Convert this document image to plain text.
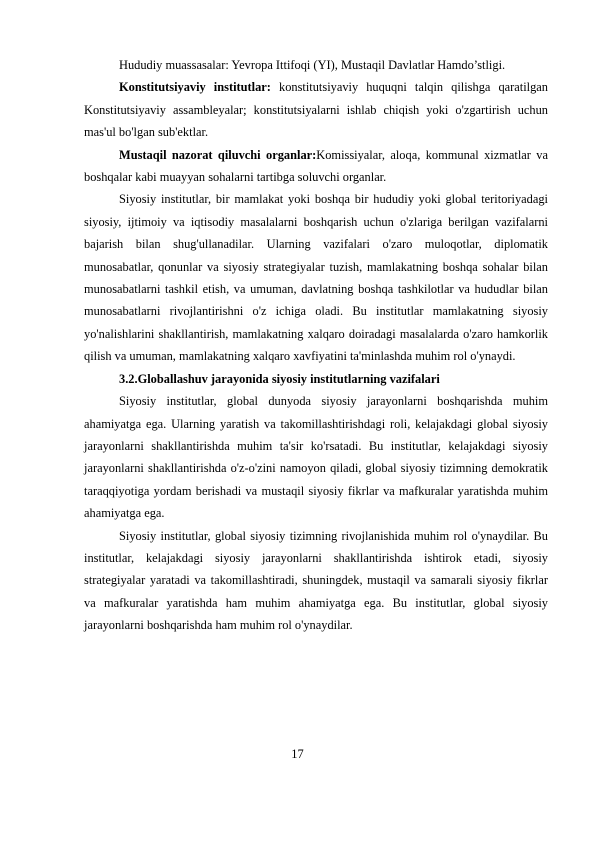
Hududiy muassasalar: Yevropa Ittifoqi (YI), Mustaqil Davlatlar Hamdo’stligi.

Konstitutsiyaviy institutlar: konstitutsiyaviy huquqni talqin qilishga qaratilgan Konstitutsiyaviy assambleyalar; konstitutsiyalarni ishlab chiqish yoki o'zgartirish uchun mas'ul bo'lgan sub'ektlar.

Mustaqil nazorat qiluvchi organlar:Komissiyalar, aloqa, kommunal xizmatlar va boshqalar kabi muayyan sohalarni tartibga soluvchi organlar.

Siyosiy institutlar, bir mamlakat yoki boshqa bir hududiy yoki global teritoriyadagi siyosiy, ijtimoiy va iqtisodiy masalalarni boshqarish uchun o'zlariga berilgan vazifalarni bajarish bilan shug'ullanadilar. Ularning vazifalari o'zaro muloqotlar, diplomatik munosabatlar, qonunlar va siyosiy strategiyalar tuzish, mamlakatning boshqa sohalar bilan munosabatlarni tashkil etish, va umuman, davlatning boshqa tashkilotlar va hududlar bilan munosabatlarni rivojlantirishni o'z ichiga oladi. Bu institutlar mamlakatning siyosiy yo'nalishlarini shakllantirish, mamlakatning xalqaro doiradagi masalalarda o'zaro hamkorlik qilish va umuman, mamlakatning xalqaro xavfiyatini ta'minlashda muhim rol o'ynaydi.

3.2.Globallashuv jarayonida siyosiy institutlarning vazifalari

Siyosiy institutlar, global dunyoda siyosiy jarayonlarni boshqarishda muhim ahamiyatga ega. Ularning yaratish va takomillashtirishdagi roli, kelajakdagi global siyosiy jarayonlarni shakllantirishda muhim ta'sir ko'rsatadi. Bu institutlar, kelajakdagi siyosiy jarayonlarni shakllantirishda o'z-o'zini namoyon qiladi, global siyosiy tizimning demokratik taraqqiyotiga yordam berishadi va mustaqil siyosiy fikrlar va mafkuralar yaratishda muhim ahamiyatga ega.

Siyosiy institutlar, global siyosiy tizimning rivojlanishida muhim rol o'ynaydilar. Bu institutlar, kelajakdagi siyosiy jarayonlarni shakllantirishda ishtirok etadi, siyosiy strategiyalar yaratadi va takomillashtiradi, shuningdek, mustaqil va samarali siyosiy fikrlar va mafkuralar yaratishda ham muhim ahamiyatga ega. Bu institutlar, global siyosiy jarayonlarni boshqarishda ham muhim rol o'ynaydilar.

17
